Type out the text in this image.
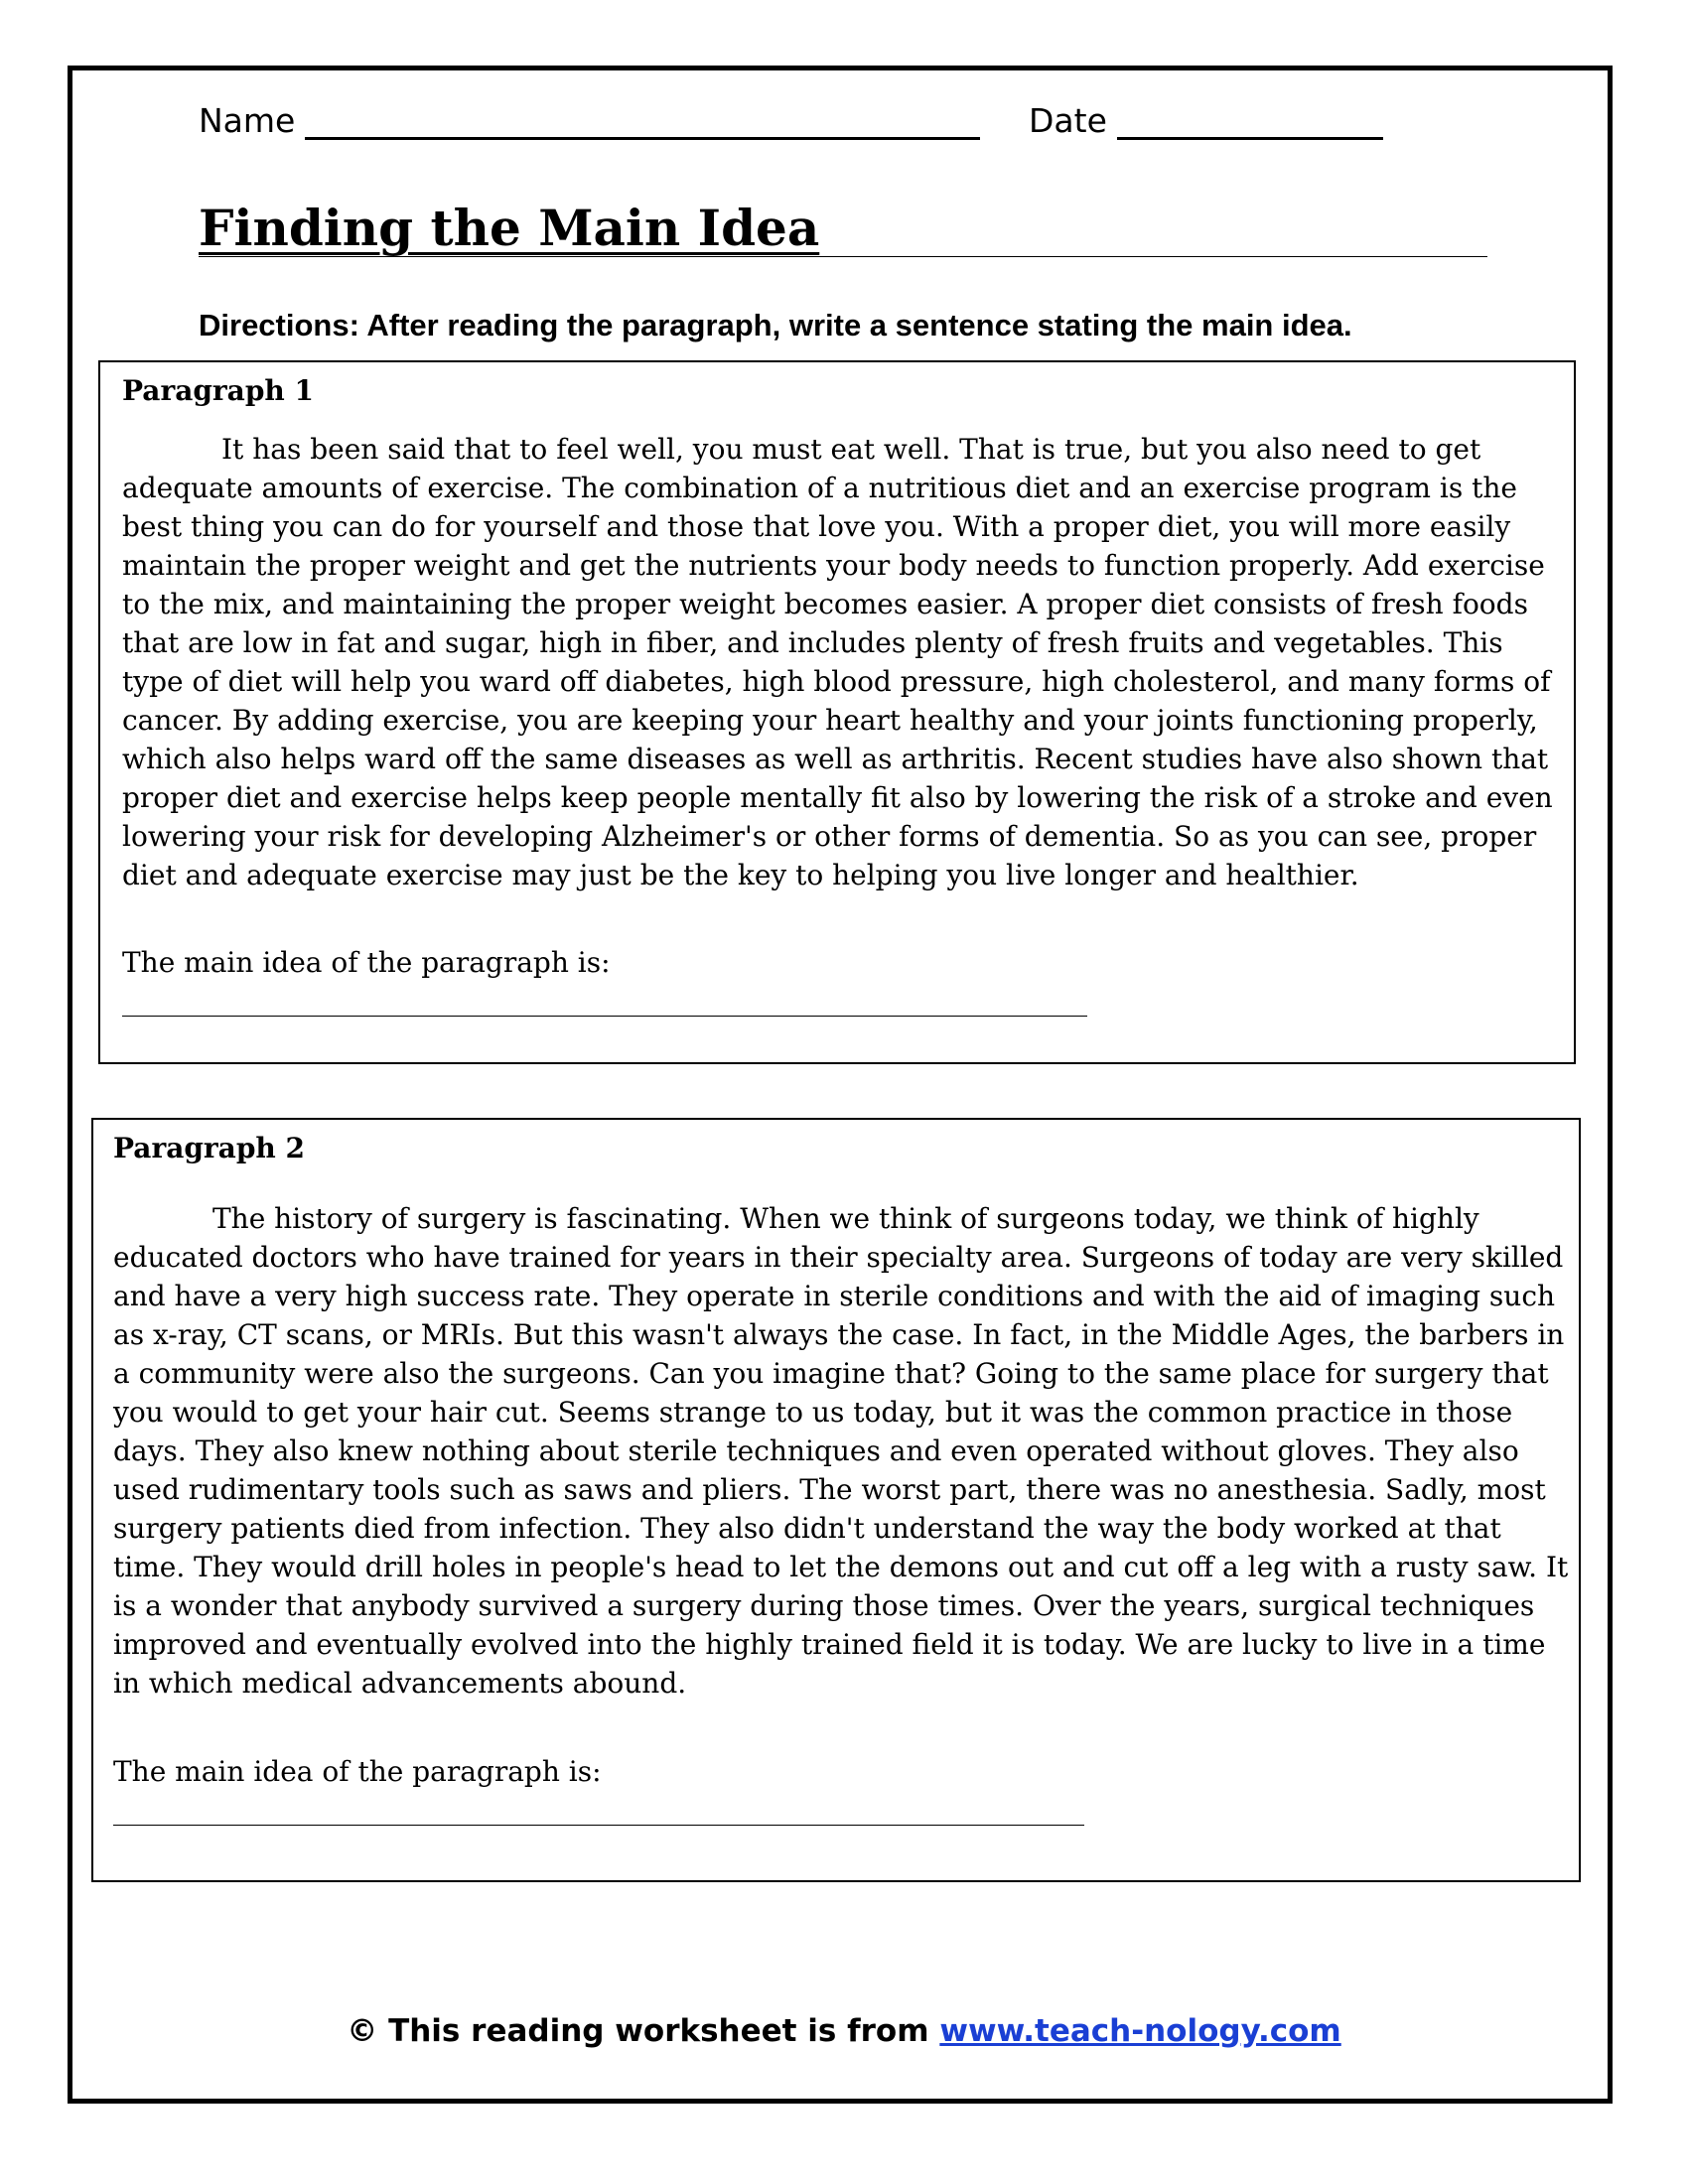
Name	Date
Finding the Main Idea
Directions: After reading the paragraph, write a sentence stating the main idea.
Paragraph 1
It has been said that to feel well, you must eat well. That is true, but you also need to get adequate amounts of exercise. The combination of a nutritious diet and an exercise program is the best thing you can do for yourself and those that love you. With a proper diet, you will more easily maintain the proper weight and get the nutrients your body needs to function properly. Add exercise to the mix, and maintaining the proper weight becomes easier. A proper diet consists of fresh foods that are low in fat and sugar, high in fiber, and includes plenty of fresh fruits and vegetables. This type of diet will help you ward off diabetes, high blood pressure, high cholesterol, and many forms of cancer. By adding exercise, you are keeping your heart healthy and your joints functioning properly, which also helps ward off the same diseases as well as arthritis. Recent studies have also shown that proper diet and exercise helps keep people mentally fit also by lowering the risk of a stroke and even lowering your risk for developing Alzheimer's or other forms of dementia. So as you can see, proper diet and adequate exercise may just be the key to helping you live longer and healthier.
The main idea of the paragraph is:
Paragraph 2
The history of surgery is fascinating. When we think of surgeons today, we think of highly educated doctors who have trained for years in their specialty area. Surgeons of today are very skilled and have a very high success rate. They operate in sterile conditions and with the aid of imaging such as x-ray, CT scans, or MRIs. But this wasn't always the case. In fact, in the Middle Ages, the barbers in a community were also the surgeons. Can you imagine that? Going to the same place for surgery that you would to get your hair cut. Seems strange to us today, but it was the common practice in those days. They also knew nothing about sterile techniques and even operated without gloves. They also used rudimentary tools such as saws and pliers. The worst part, there was no anesthesia. Sadly, most surgery patients died from infection. They also didn't understand the way the body worked at that time. They would drill holes in people's head to let the demons out and cut off a leg with a rusty saw. It is a wonder that anybody survived a surgery during those times. Over the years, surgical techniques improved and eventually evolved into the highly trained field it is today. We are lucky to live in a time in which medical advancements abound.
The main idea of the paragraph is:
© This reading worksheet is from www.teach-nology.com
